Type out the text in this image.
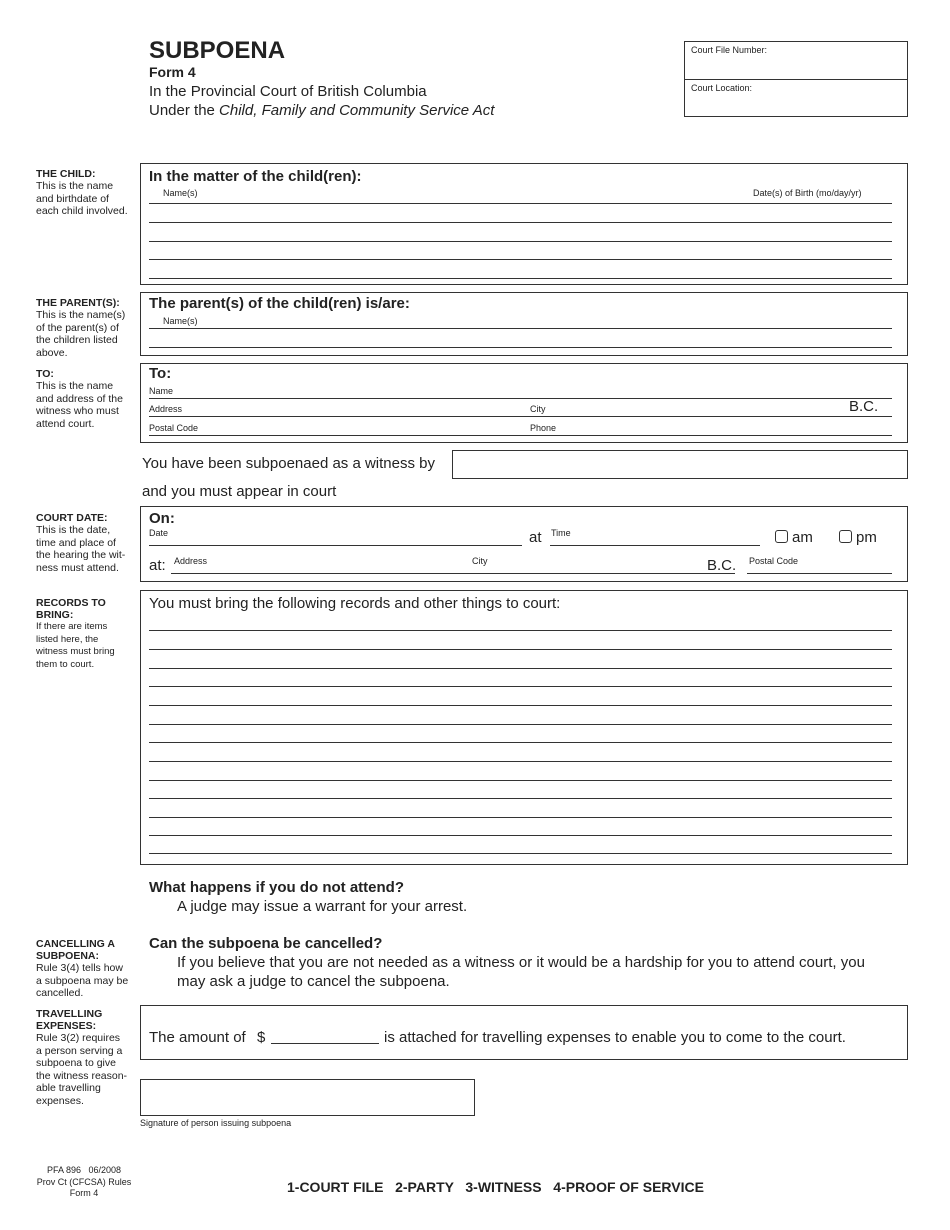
SUBPOENA
Form 4
In the Provincial Court of British Columbia
Under the Child, Family and Community Service Act
Court File Number:
Court Location:
THE CHILD:
This is the name
and birthdate of
each child involved.
In the matter of the child(ren):
Name(s)	Date(s) of Birth (mo/day/yr)
THE PARENT(S):
This is the name(s)
of the parent(s) of
the children listed
above.
The parent(s) of the child(ren) is/are:
Name(s)
TO:
This is the name
and address of the
witness who must
attend court.
To:
Name
Address	City	B.C.
Postal Code	Phone
You have been subpoenaed as a witness by
and you must appear in court
COURT DATE:
This is the date,
time and place of
the hearing the wit-
ness must attend.
On:
Date	at Time	am	pm
at: Address	City	B.C. Postal Code
RECORDS TO
BRING:
If there are items
listed here, the
witness must bring
them to court.
You must bring the following records and other things to court:
What happens if you do not attend?
A judge may issue a warrant for your arrest.
CANCELLING A
SUBPOENA:
Rule 3(4) tells how
a subpoena may be
cancelled.
Can the subpoena be cancelled?
If you believe that you are not needed as a witness or it would be a hardship for you to attend court, you
may ask a judge to cancel the subpoena.
TRAVELLING
EXPENSES:
Rule 3(2) requires
a person serving a
subpoena to give
the witness reason-
able travelling
expenses.
The amount of $	is attached for travelling expenses to enable you to come to the court.
Signature of person issuing subpoena
PFA 896   06/2008
Prov Ct (CFCSA) Rules
Form 4	1-COURT FILE   2-PARTY   3-WITNESS   4-PROOF OF SERVICE
